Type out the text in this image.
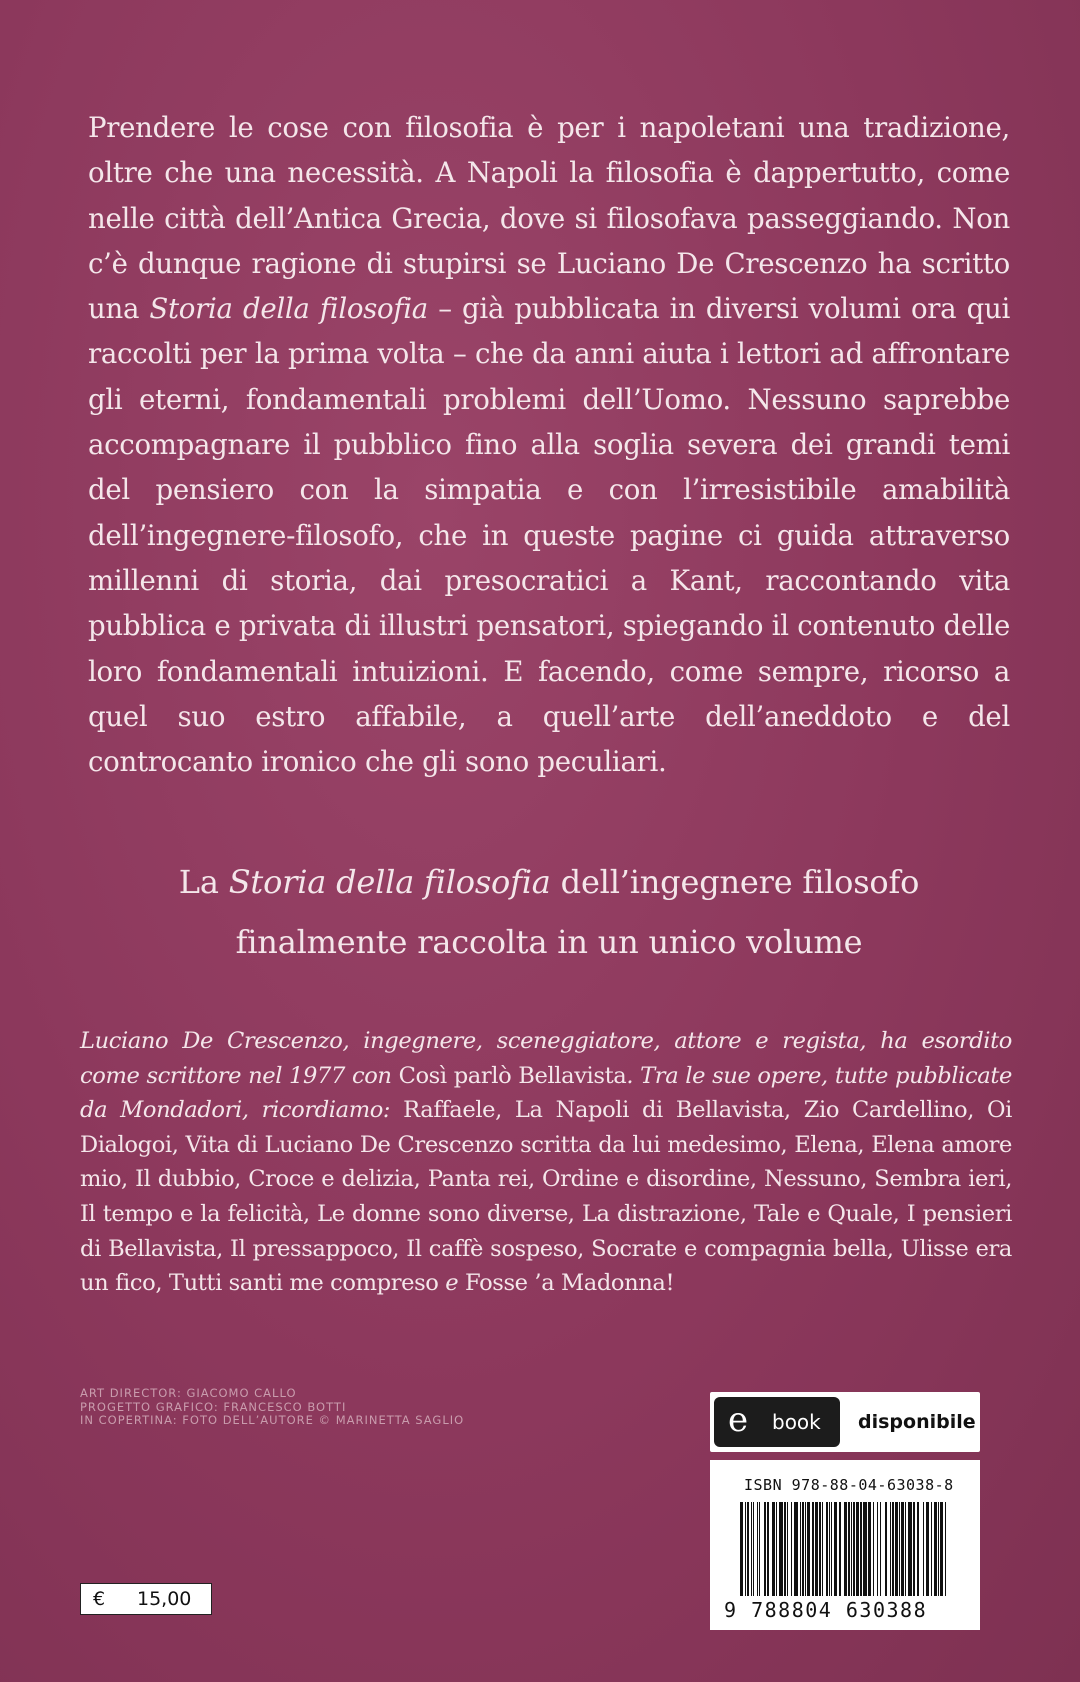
Prendere le cose con filosofia è per i napoletani una tradizione, oltre che una necessità. A Napoli la filosofia è dappertutto, come nelle città dell’Antica Grecia, dove si filosofava passeggiando. Non c’è dunque ragione di stupirsi se Luciano De Crescenzo ha scritto una Storia della filosofia – già pubblicata in diversi volumi ora qui raccolti per la prima volta – che da anni aiuta i lettori ad affrontare gli eterni, fondamentali problemi dell’Uomo. Nessuno saprebbe accompagnare il pubblico fino alla soglia severa dei grandi temi del pensiero con la simpatia e con l’irresistibile amabilità dell’ingegnere-filosofo, che in queste pagine ci guida attraverso millenni di storia, dai presocratici a Kant, raccontando vita pubblica e privata di illustri pensatori, spiegando il contenuto delle loro fondamentali intuizioni. E facendo, come sempre, ricorso a quel suo estro affabile, a quell’arte dell’aneddoto e del controcanto ironico che gli sono peculiari.
La Storia della filosofia dell’ingegnere filosofo
finalmente raccolta in un unico volume
Luciano De Crescenzo, ingegnere, sceneggiatore, attore e regista, ha esordito come scrittore nel 1977 con Così parlò Bellavista. Tra le sue opere, tutte pubblicate da Mondadori, ricordiamo: Raffaele, La Napoli di Bellavista, Zio Cardellino, Oi Dialogoi, Vita di Luciano De Crescenzo scritta da lui medesimo, Elena, Elena amore mio, Il dubbio, Croce e delizia, Panta rei, Ordine e disordine, Nessuno, Sembra ieri, Il tempo e la felicità, Le donne sono diverse, La distrazione, Tale e Quale, I pensieri di Bellavista, Il pressappoco, Il caffè sospeso, Socrate e compagnia bella, Ulisse era un fico, Tutti santi me compreso e Fosse ’a Madonna!
ART DIRECTOR: GIACOMO CALLO
PROGETTO GRAFICO: FRANCESCO BOTTI
IN COPERTINA: FOTO DELL’AUTORE © MARINETTA SAGLIO
€ 15,00
e book disponibile
ISBN 978-88-04-63038-8
9 788804 630388
